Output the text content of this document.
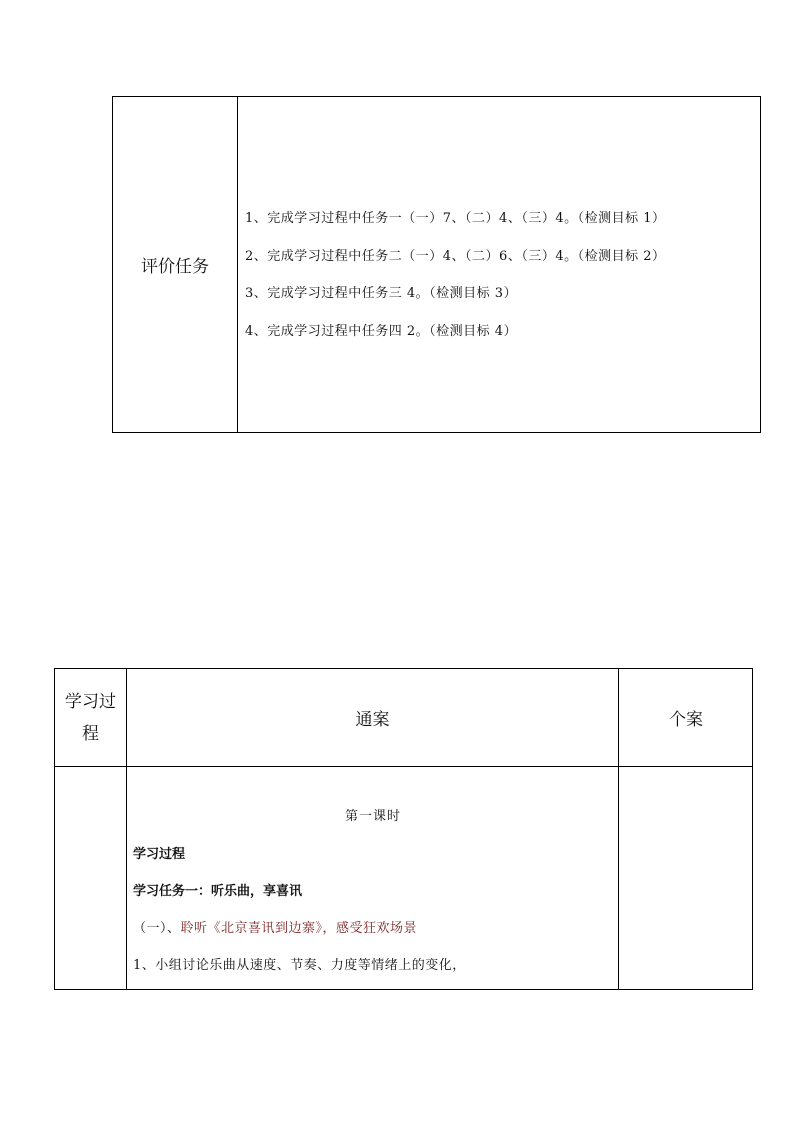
评价任务
1、完成学习过程中任务一（一）7、（二）4、（三）4。（检测目标 1）
2、完成学习过程中任务二（一）4、（二）6、（三）4。（检测目标 2）
3、完成学习过程中任务三 4。（检测目标 3）
4、完成学习过程中任务四 2。（检测目标 4）
学习过程
通案	个案
第一课时
学习过程
学习任务一：听乐曲，享喜讯
（一）、聆听《北京喜讯到边寨》，感受狂欢场景
1、小组讨论乐曲从速度、节奏、力度等情绪上的变化，
